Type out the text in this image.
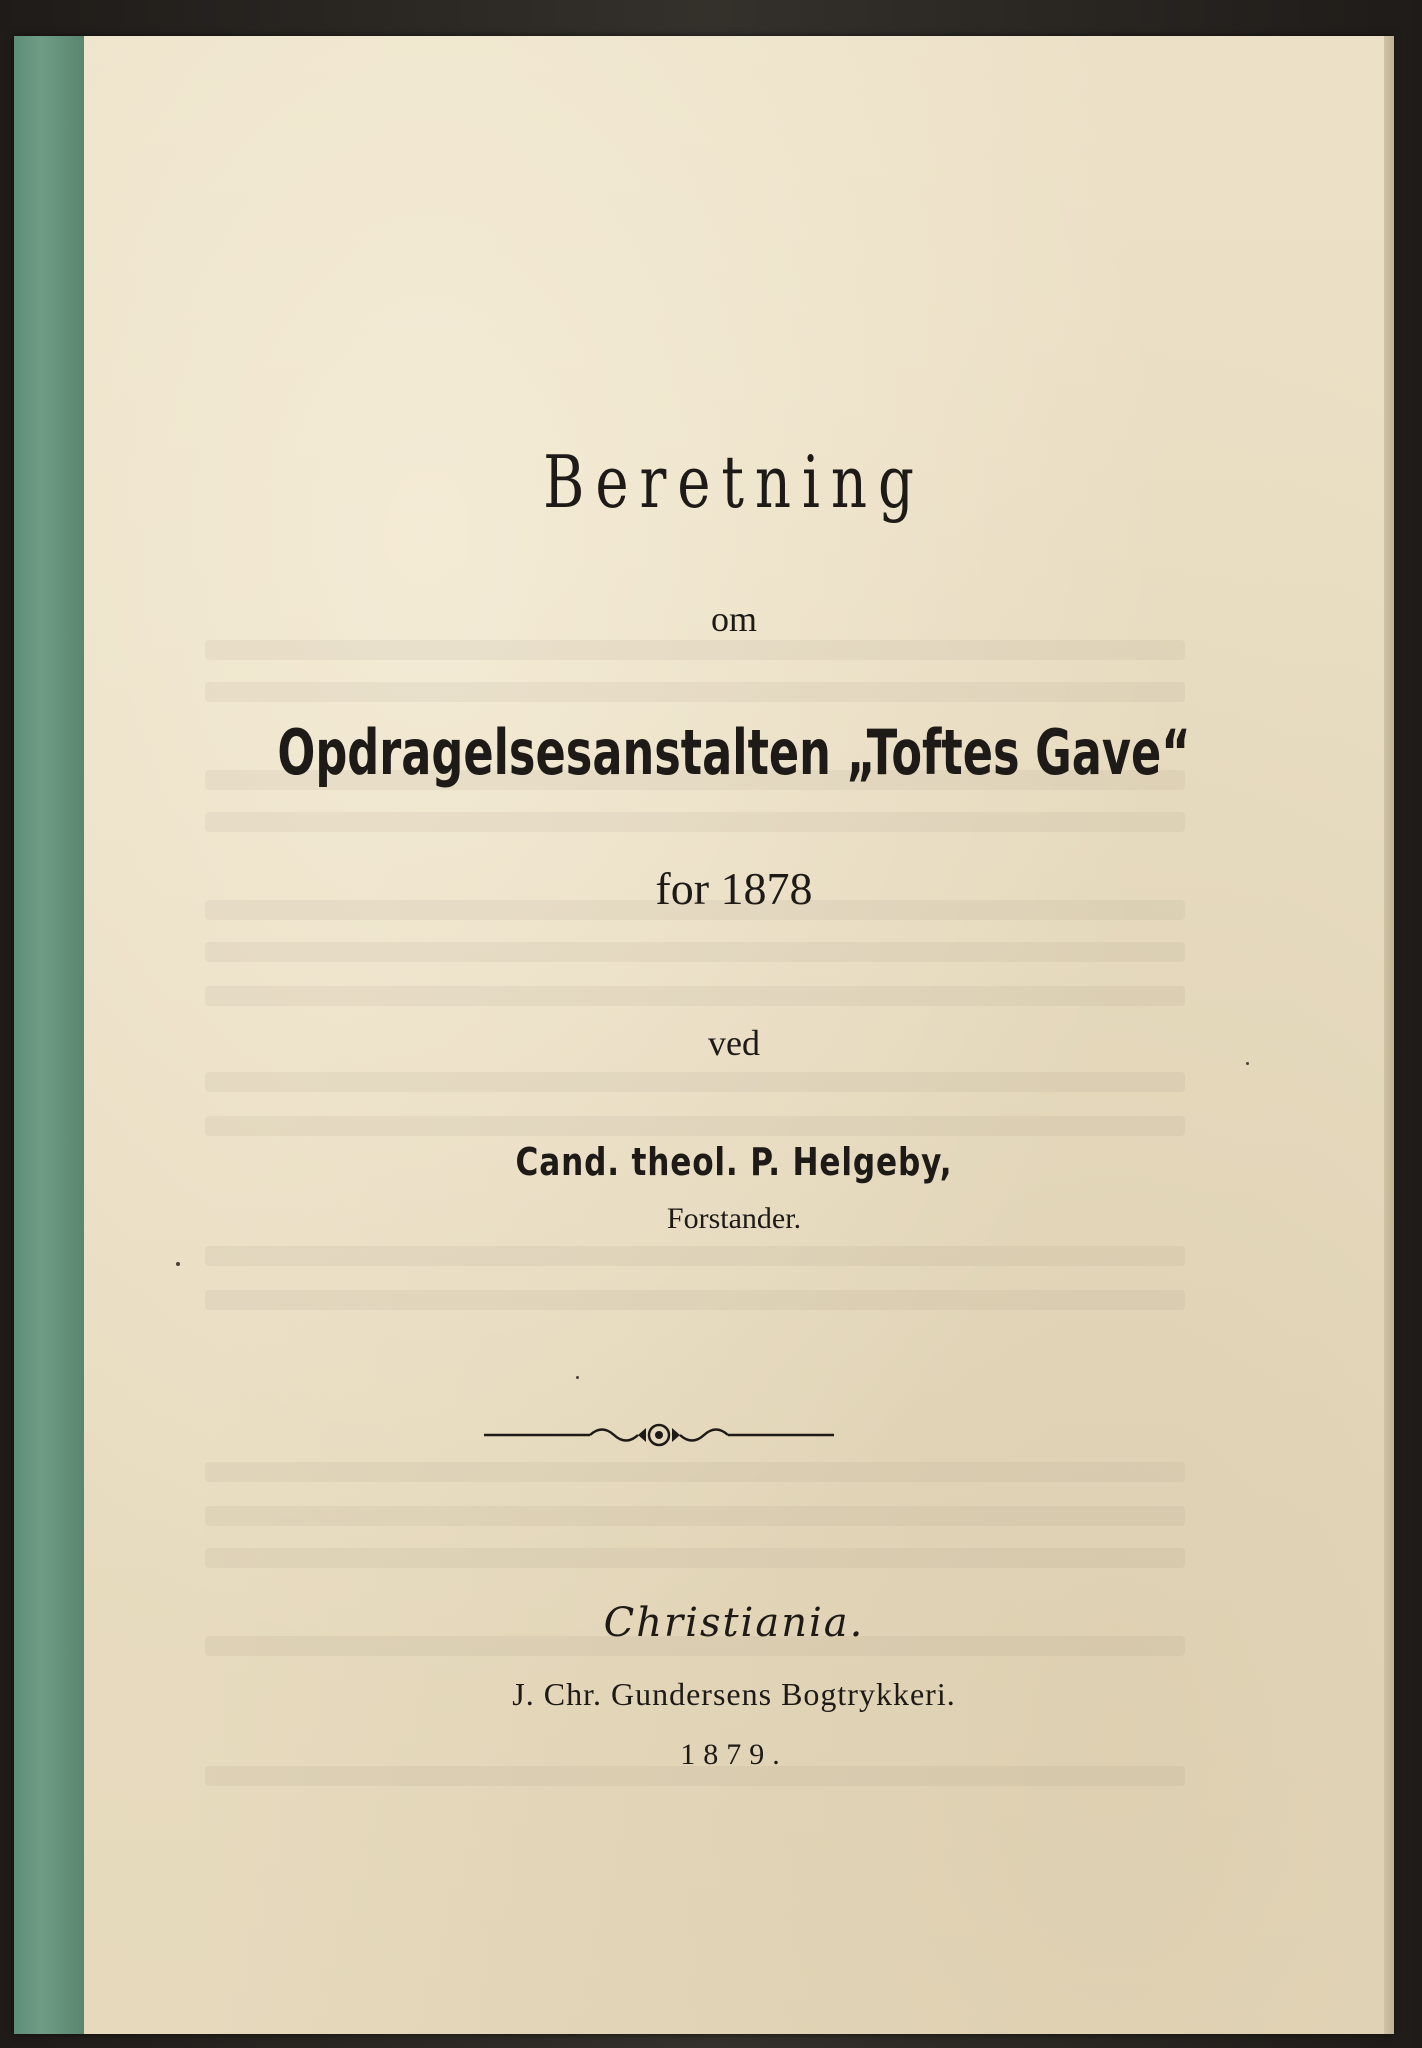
Beretning
om
Opdragelsesanstalten „Toftes Gave“
for 1878
ved
Cand. theol. P. Helgeby,
Forstander.
Christiania.
J. Chr. Gundersens Bogtrykkeri.
1879.
